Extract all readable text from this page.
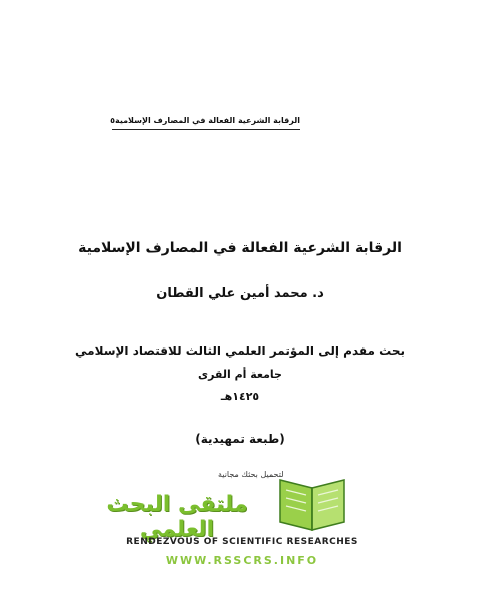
الرقابة الشرعية الفعالة في المصارف الإسلامية
٥
الرقابة الشرعية الفعالة في المصارف الإسلامية
د. محمد أمين علي القطان
بحث مقدم إلى المؤتمر العلمي الثالث للاقتصاد الإسلامي
جامعة أم القرى
١٤٢٥هـ
(طبعة تمهيدية)
لتحميل بحثك مجانية
ملتقى البحث العلمي
RENDEZVOUS OF SCIENTIFIC RESEARCHES
WWW.RSSCRS.INFO
